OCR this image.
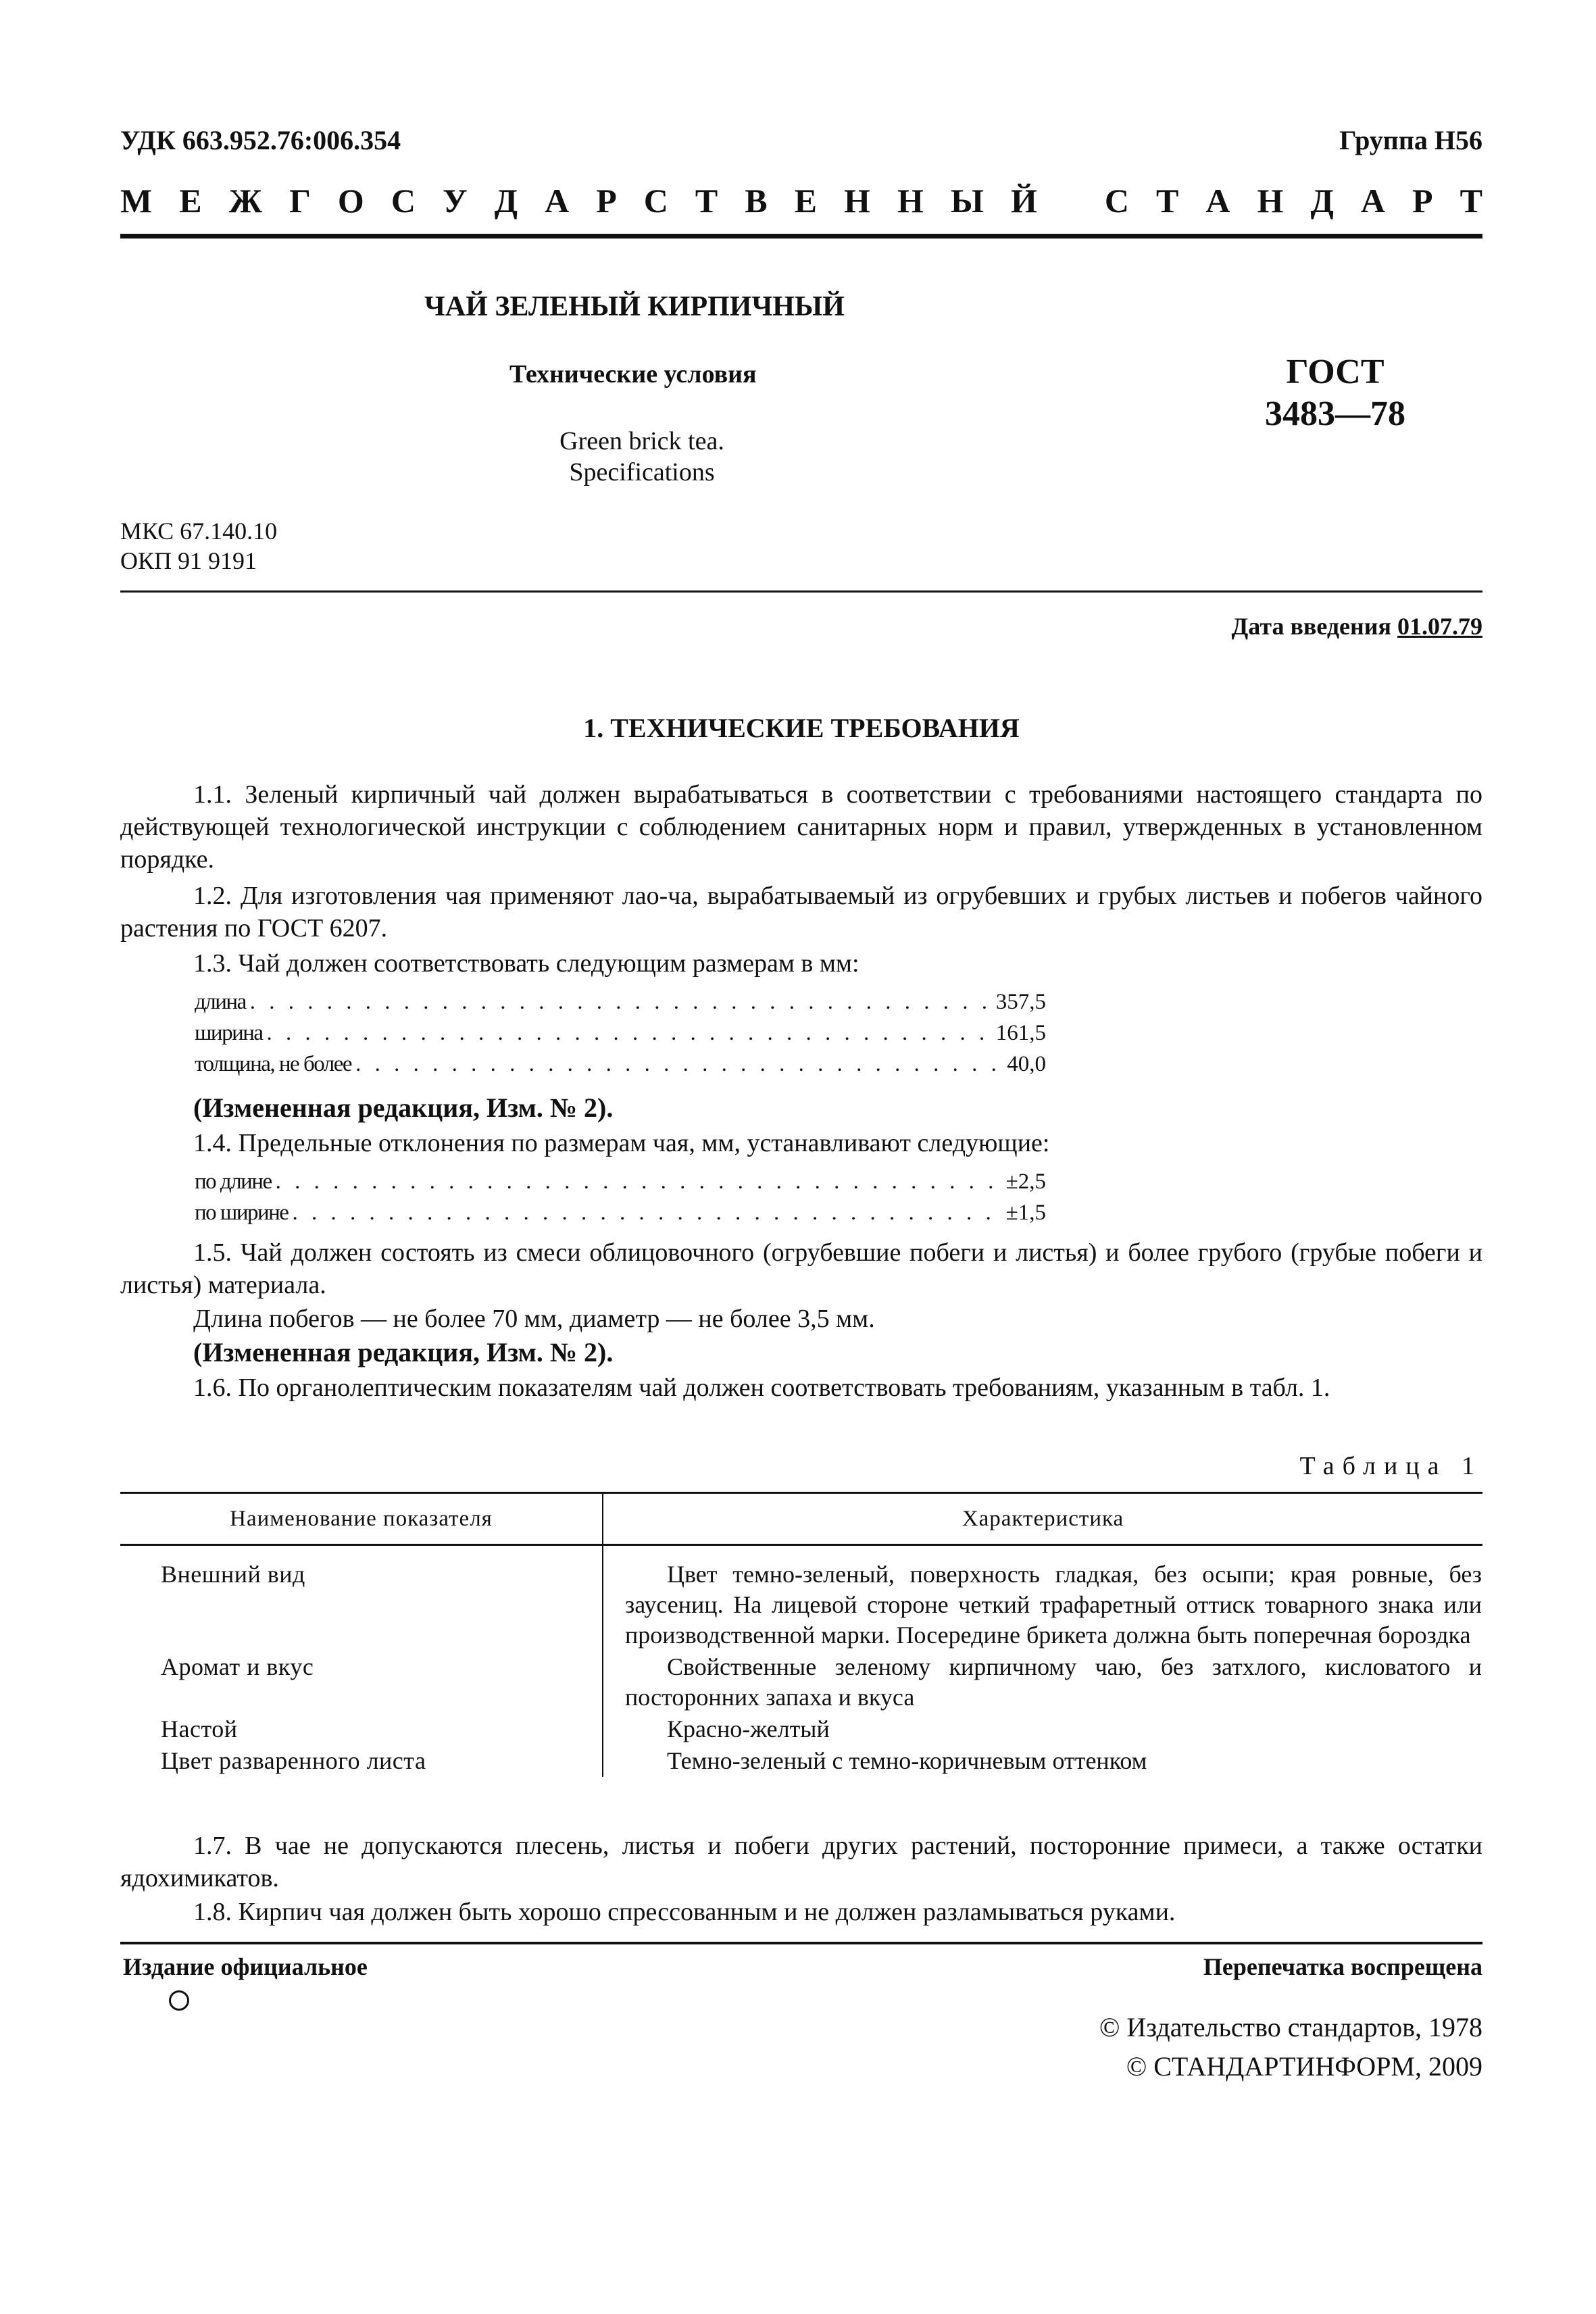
УДК 663.952.76:006.354	Группа Н56
М Е Ж Г О С У Д А Р С Т В Е Н Н Ы Й С Т А Н Д А Р Т
ЧАЙ ЗЕЛЕНЫЙ КИРПИЧНЫЙ
Технические условия	ГОСТ
3483—78
Green brick tea.
Specifications
МКС 67.140.10
ОКП 91 9191
Дата введения 01.07.79
1. ТЕХНИЧЕСКИЕ ТРЕБОВАНИЯ
1.1. Зеленый кирпичный чай должен вырабатываться в соответствии с требованиями настоящего стандарта по действующей технологической инструкции с соблюдением санитарных норм и правил, утвержденных в установленном порядке.
1.2. Для изготовления чая применяют лао-ча, вырабатываемый из огрубевших и грубых листьев и побегов чайного растения по ГОСТ 6207.
1.3. Чай должен соответствовать следующим размерам в мм:
длина . . .	357,5
ширина . . .	161,5
толщина, не более . . .	40,0
(Измененная редакция, Изм. № 2).
1.4. Предельные отклонения по размерам чая, мм, устанавливают следующие:
по длине . . .	±2,5
по ширине . . .	±1,5
1.5. Чай должен состоять из смеси облицовочного (огрубевшие побеги и листья) и более грубого (грубые побеги и листья) материала.
Длина побегов — не более 70 мм, диаметр — не более 3,5 мм.
(Измененная редакция, Изм. № 2).
1.6. По органолептическим показателям чай должен соответствовать требованиям, указанным в табл. 1.
Таблица 1
Наименование показателя	Характеристика
Внешний вид	Цвет темно-зеленый, поверхность гладкая, без осыпи; края ровные, без заусениц. На лицевой стороне четкий трафаретный оттиск товарного знака или производственной марки. Посередине брикета должна быть поперечная бороздка
Аромат и вкус	Свойственные зеленому кирпичному чаю, без затхлого, кисловатого и посторонних запаха и вкуса
Настой	Красно-желтый
Цвет разваренного листа	Темно-зеленый с темно-коричневым оттенком
1.7. В чае не допускаются плесень, листья и побеги других растений, посторонние примеси, а также остатки ядохимикатов.
1.8. Кирпич чая должен быть хорошо спрессованным и не должен разламываться руками.
Издание официальное	Перепечатка воспрещена
© Издательство стандартов, 1978
© СТАНДАРТИНФОРМ, 2009
